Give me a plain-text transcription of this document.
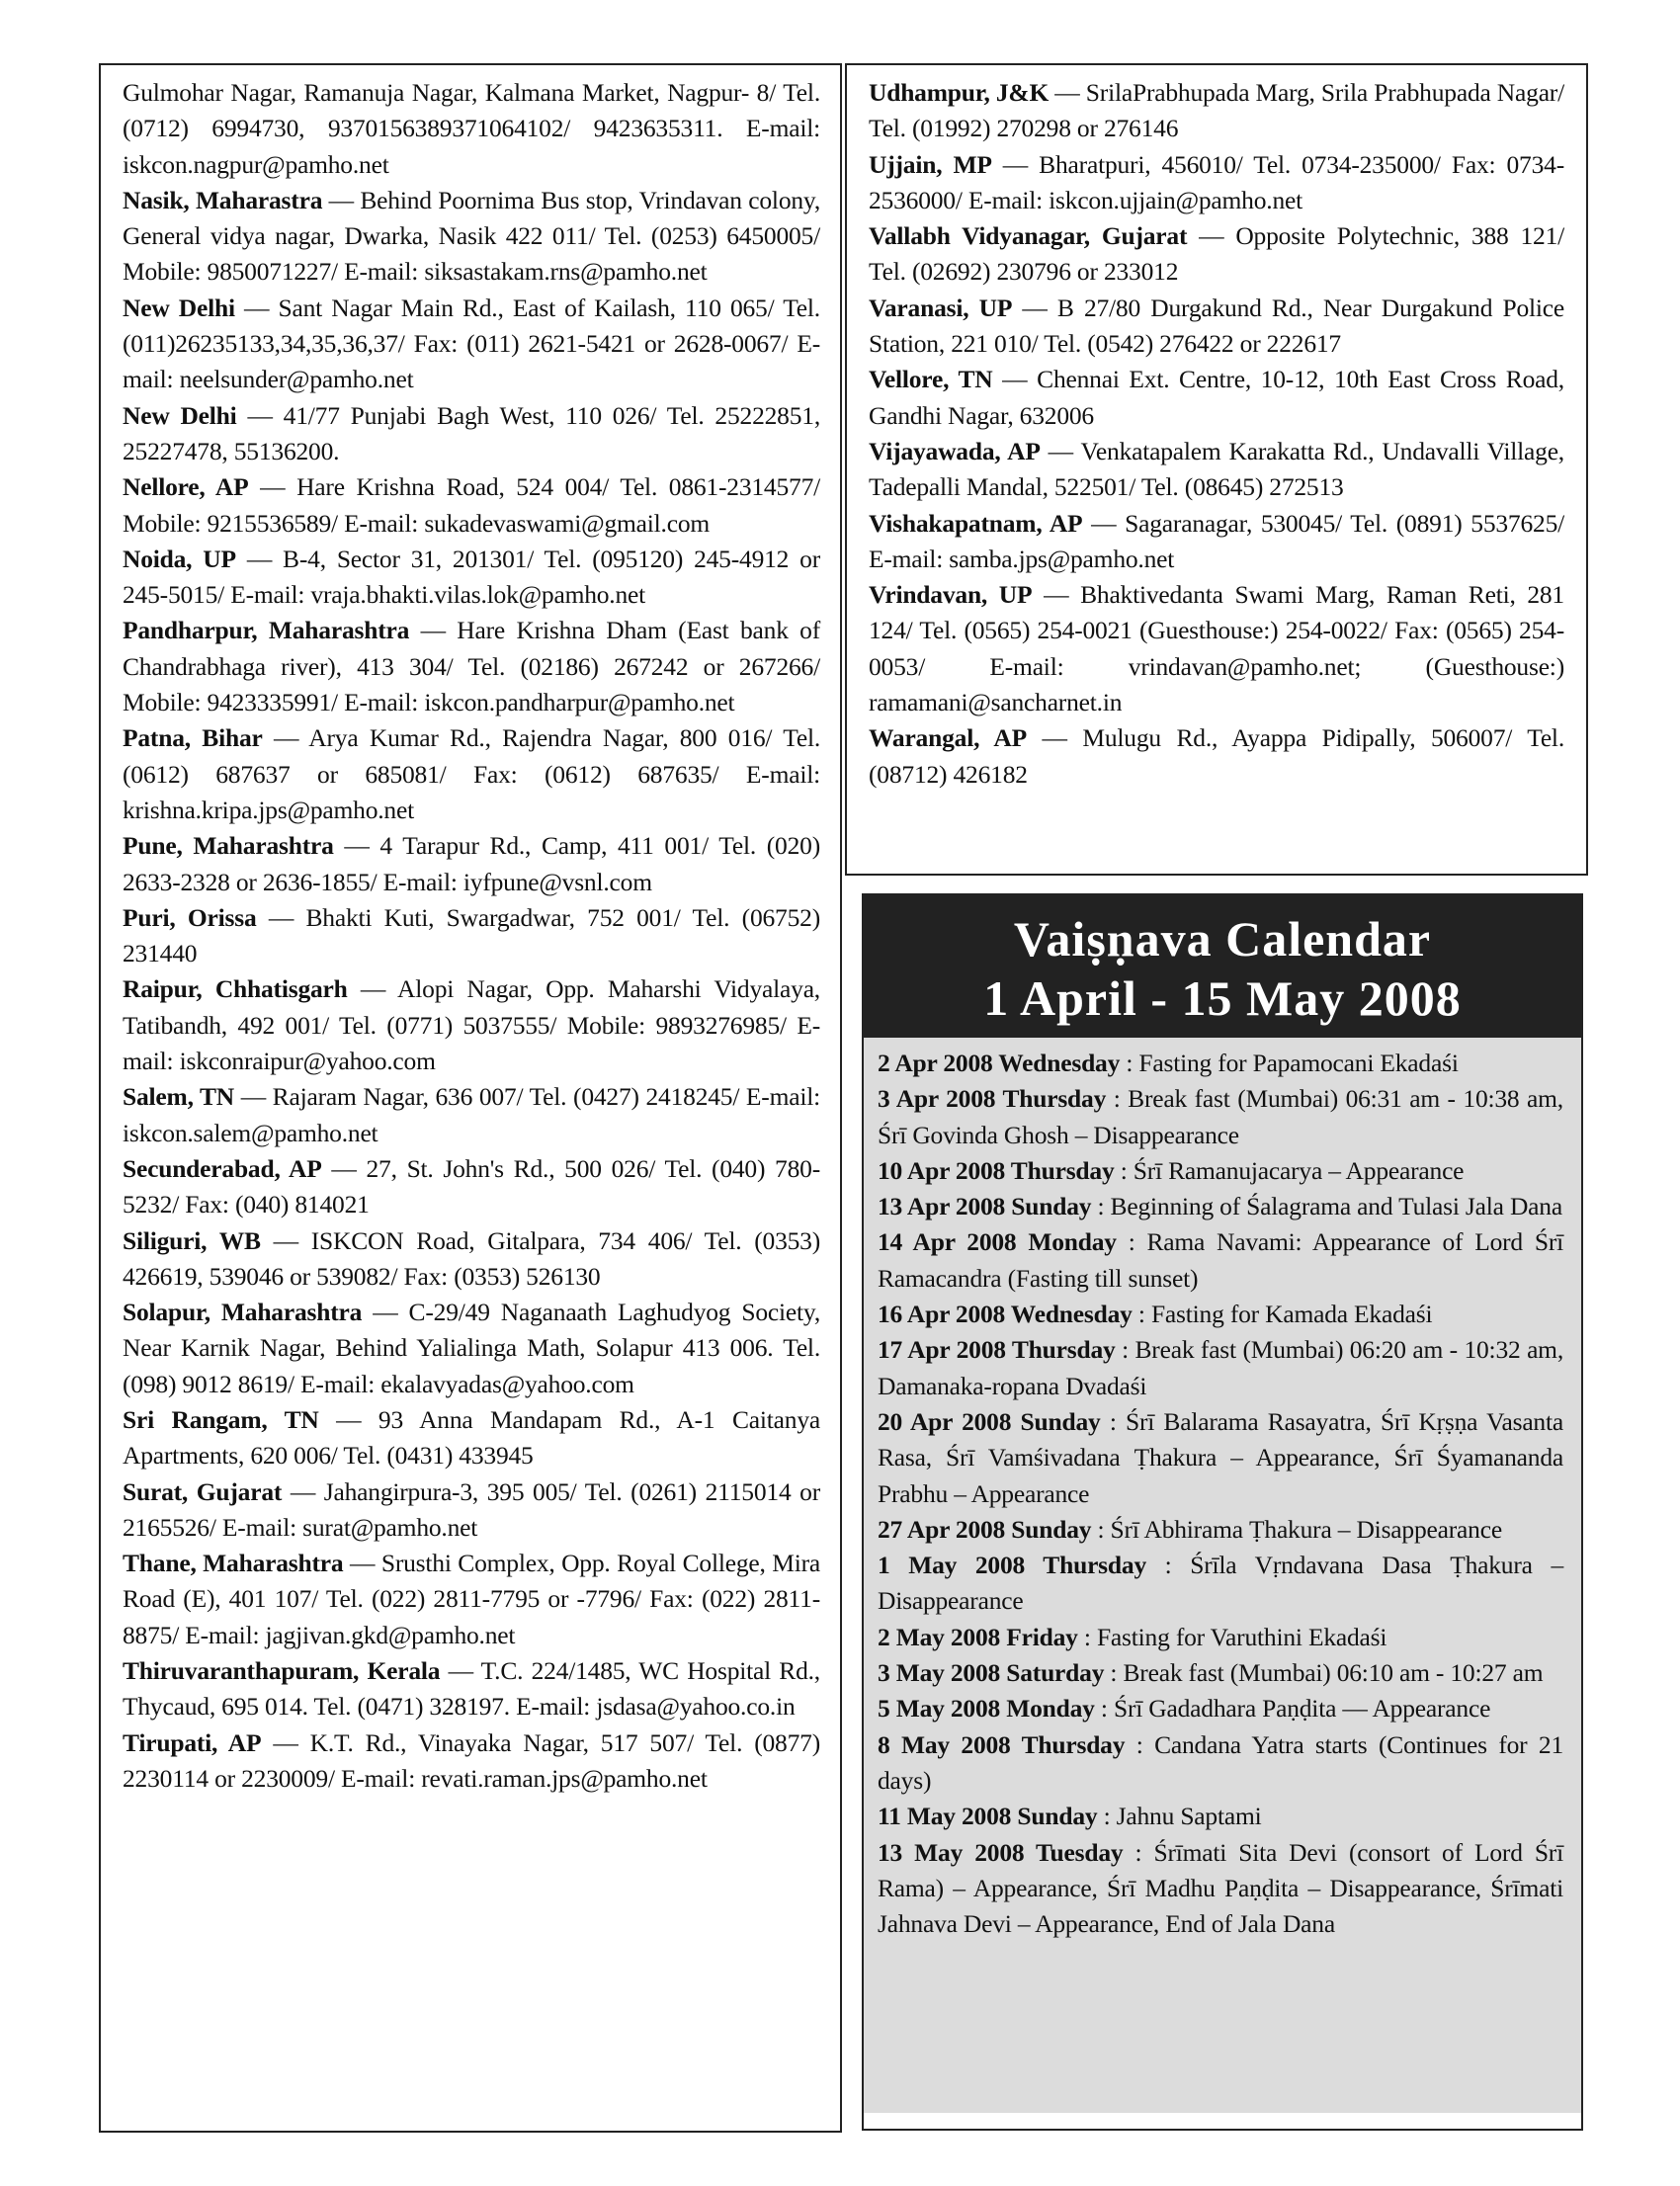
Gulmohar Nagar, Ramanuja Nagar, Kalmana Market, Nagpur- 8/ Tel. (0712) 6994730, 9370156389371064102/ 9423635311. E-mail: iskcon.nagpur@pamho.net

Nasik, Maharastra — Behind Poornima Bus stop, Vrindavan colony, General vidya nagar, Dwarka, Nasik 422 011/ Tel. (0253) 6450005/ Mobile: 9850071227/ E-mail: siksastakam.rns@pamho.net

New Delhi — Sant Nagar Main Rd., East of Kailash, 110 065/ Tel. (011)26235133,34,35,36,37/ Fax: (011) 2621-5421 or 2628-0067/ E-mail: neelsunder@pamho.net

New Delhi — 41/77 Punjabi Bagh West, 110 026/ Tel. 25222851, 25227478, 55136200.

Nellore, AP — Hare Krishna Road, 524 004/ Tel. 0861-2314577/ Mobile: 9215536589/ E-mail: sukadevaswami@gmail.com

Noida, UP — B-4, Sector 31, 201301/ Tel. (095120) 245-4912 or 245-5015/ E-mail: vraja.bhakti.vilas.lok@pamho.net

Pandharpur, Maharashtra — Hare Krishna Dham (East bank of Chandrabhaga river), 413 304/ Tel. (02186) 267242 or 267266/ Mobile: 9423335991/ E-mail: iskcon.pandharpur@pamho.net

Patna, Bihar — Arya Kumar Rd., Rajendra Nagar, 800 016/ Tel. (0612) 687637 or 685081/ Fax: (0612) 687635/ E-mail: krishna.kripa.jps@pamho.net

Pune, Maharashtra — 4 Tarapur Rd., Camp, 411 001/ Tel. (020) 2633-2328 or 2636-1855/ E-mail: iyfpune@vsnl.com

Puri, Orissa — Bhakti Kuti, Swargadwar, 752 001/ Tel. (06752) 231440

Raipur, Chhatisgarh — Alopi Nagar, Opp. Maharshi Vidyalaya, Tatibandh, 492 001/ Tel. (0771) 5037555/ Mobile: 9893276985/ E-mail: iskconraipur@yahoo.com

Salem, TN — Rajaram Nagar, 636 007/ Tel. (0427) 2418245/ E-mail: iskcon.salem@pamho.net

Secunderabad, AP — 27, St. John's Rd., 500 026/ Tel. (040) 780-5232/ Fax: (040) 814021

Siliguri, WB — ISKCON Road, Gitalpara, 734 406/ Tel. (0353) 426619, 539046 or 539082/ Fax: (0353) 526130

Solapur, Maharashtra — C-29/49 Naganaath Laghudyog Society, Near Karnik Nagar, Behind Yalialinga Math, Solapur 413 006. Tel. (098) 9012 8619/ E-mail: ekalavyadas@yahoo.com

Sri Rangam, TN — 93 Anna Mandapam Rd., A-1 Caitanya Apartments, 620 006/ Tel. (0431) 433945

Surat, Gujarat — Jahangirpura-3, 395 005/ Tel. (0261) 2115014 or 2165526/ E-mail: surat@pamho.net

Thane, Maharashtra — Srusthi Complex, Opp. Royal College, Mira Road (E), 401 107/ Tel. (022) 2811-7795 or -7796/ Fax: (022) 2811-8875/ E-mail: jagjivan.gkd@pamho.net

Thiruvaranthapuram, Kerala — T.C. 224/1485, WC Hospital Rd., Thycaud, 695 014. Tel. (0471) 328197. E-mail: jsdasa@yahoo.co.in

Tirupati, AP — K.T. Rd., Vinayaka Nagar, 517 507/ Tel. (0877) 2230114 or 2230009/ E-mail: revati.raman.jps@pamho.net

Udhampur, J&K — SrilaPrabhupada Marg, Srila Prabhupada Nagar/ Tel. (01992) 270298 or 276146

Ujjain, MP — Bharatpuri, 456010/ Tel. 0734-235000/ Fax: 0734-2536000/ E-mail: iskcon.ujjain@pamho.net

Vallabh Vidyanagar, Gujarat — Opposite Polytechnic, 388 121/ Tel. (02692) 230796 or 233012

Varanasi, UP — B 27/80 Durgakund Rd., Near Durgakund Police Station, 221 010/ Tel. (0542) 276422 or 222617

Vellore, TN — Chennai Ext. Centre, 10-12, 10th East Cross Road, Gandhi Nagar, 632006

Vijayawada, AP — Venkatapalem Karakatta Rd., Undavalli Village, Tadepalli Mandal, 522501/ Tel. (08645) 272513

Vishakapatnam, AP — Sagaranagar, 530045/ Tel. (0891) 5537625/ E-mail: samba.jps@pamho.net

Vrindavan, UP — Bhaktivedanta Swami Marg, Raman Reti, 281 124/ Tel. (0565) 254-0021 (Guesthouse:) 254-0022/ Fax: (0565) 254-0053/ E-mail: vrindavan@pamho.net; (Guesthouse:) ramamani@sancharnet.in

Warangal, AP — Mulugu Rd., Ayappa Pidipally, 506007/ Tel. (08712) 426182

Vaiṣṇava Calendar
1 April - 15 May 2008

2 Apr 2008 Wednesday : Fasting for Papamocani Ekadaśi

3 Apr 2008 Thursday : Break fast (Mumbai) 06:31 am - 10:38 am, Śrī Govinda Ghosh – Disappearance

10 Apr 2008 Thursday : Śrī Ramanujacarya – Appearance

13 Apr 2008 Sunday : Beginning of Śalagrama and Tulasi Jala Dana

14 Apr 2008 Monday : Rama Navami: Appearance of Lord Śrī Ramacandra (Fasting till sunset)

16 Apr 2008 Wednesday : Fasting for Kamada Ekadaśi

17 Apr 2008 Thursday : Break fast (Mumbai) 06:20 am - 10:32 am, Damanaka-ropana Dvadaśi

20 Apr 2008 Sunday : Śrī Balarama Rasayatra, Śrī Kṛṣṇa Vasanta Rasa, Śrī Vamśivadana Ṭhakura – Appearance, Śrī Śyamananda Prabhu – Appearance

27 Apr 2008 Sunday : Śrī Abhirama Ṭhakura – Disappearance

1 May 2008 Thursday : Śrīla Vṛndavana Dasa Ṭhakura – Disappearance

2 May 2008 Friday : Fasting for Varuthini Ekadaśi

3 May 2008 Saturday : Break fast (Mumbai) 06:10 am - 10:27 am

5 May 2008 Monday : Śrī Gadadhara Paṇḍita — Appearance

8 May 2008 Thursday : Candana Yatra starts (Continues for 21 days)

11 May 2008 Sunday : Jahnu Saptami

13 May 2008 Tuesday : Śrīmati Sita Devi (consort of Lord Śrī Rama) – Appearance, Śrī Madhu Paṇḍita – Disappearance, Śrīmati Jahnava Devi – Appearance, End of Jala Dana
